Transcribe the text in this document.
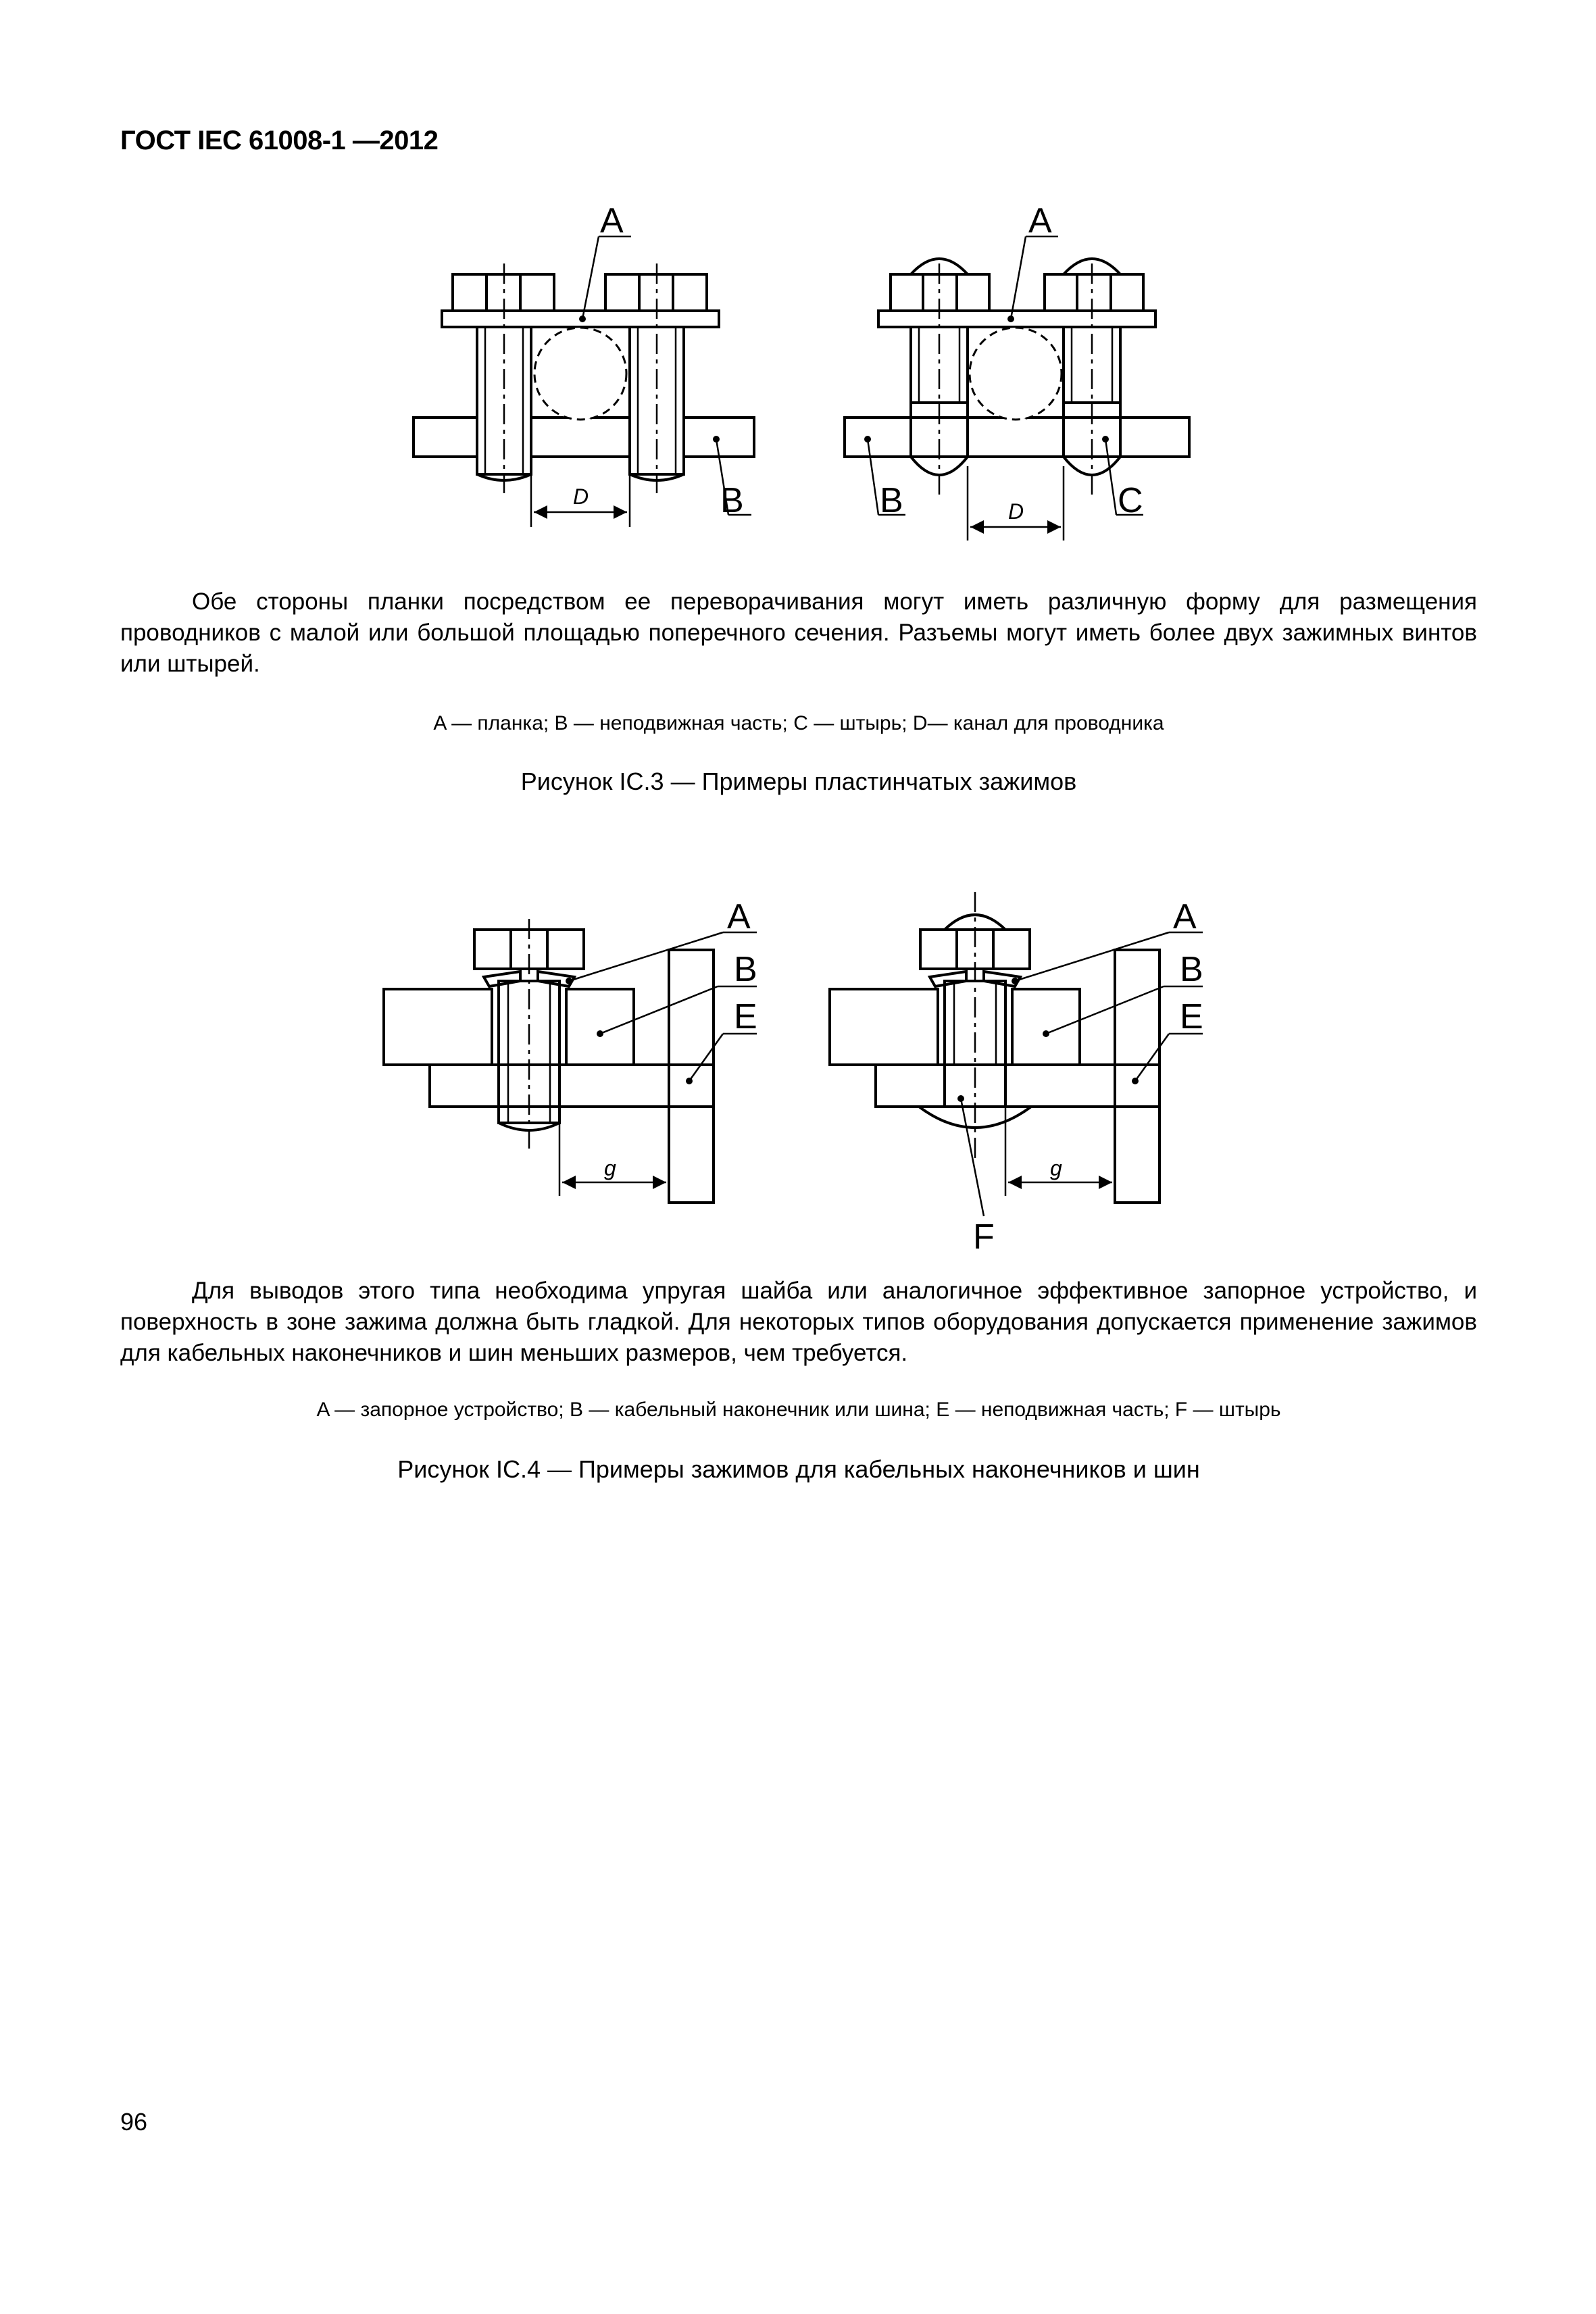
ГОСТ IEC 61008-1 —2012
A
B
D
A
B	C
D
A
B
E
g
A
B
E
g
F

Обе стороны планки посредством ее переворачивания могут иметь различную форму для размещения проводников с малой или большой площадью поперечного сечения. Разъемы могут иметь более двух зажимных винтов или штырей.

A — планка; B — неподвижная часть; C — штырь; D— канал для проводника
Рисунок IC.3 — Примеры пластинчатых зажимов

Для выводов этого типа необходима упругая шайба или аналогичное эффективное запорное устройство, и поверхность в зоне зажима должна быть гладкой. Для некоторых типов оборудования допускается применение зажимов для кабельных наконечников и шин меньших размеров, чем требуется.

A — запорное устройство; B — кабельный наконечник или шина; E — неподвижная часть; F — штырь
Рисунок IC.4 — Примеры зажимов для кабельных наконечников и шин
96
